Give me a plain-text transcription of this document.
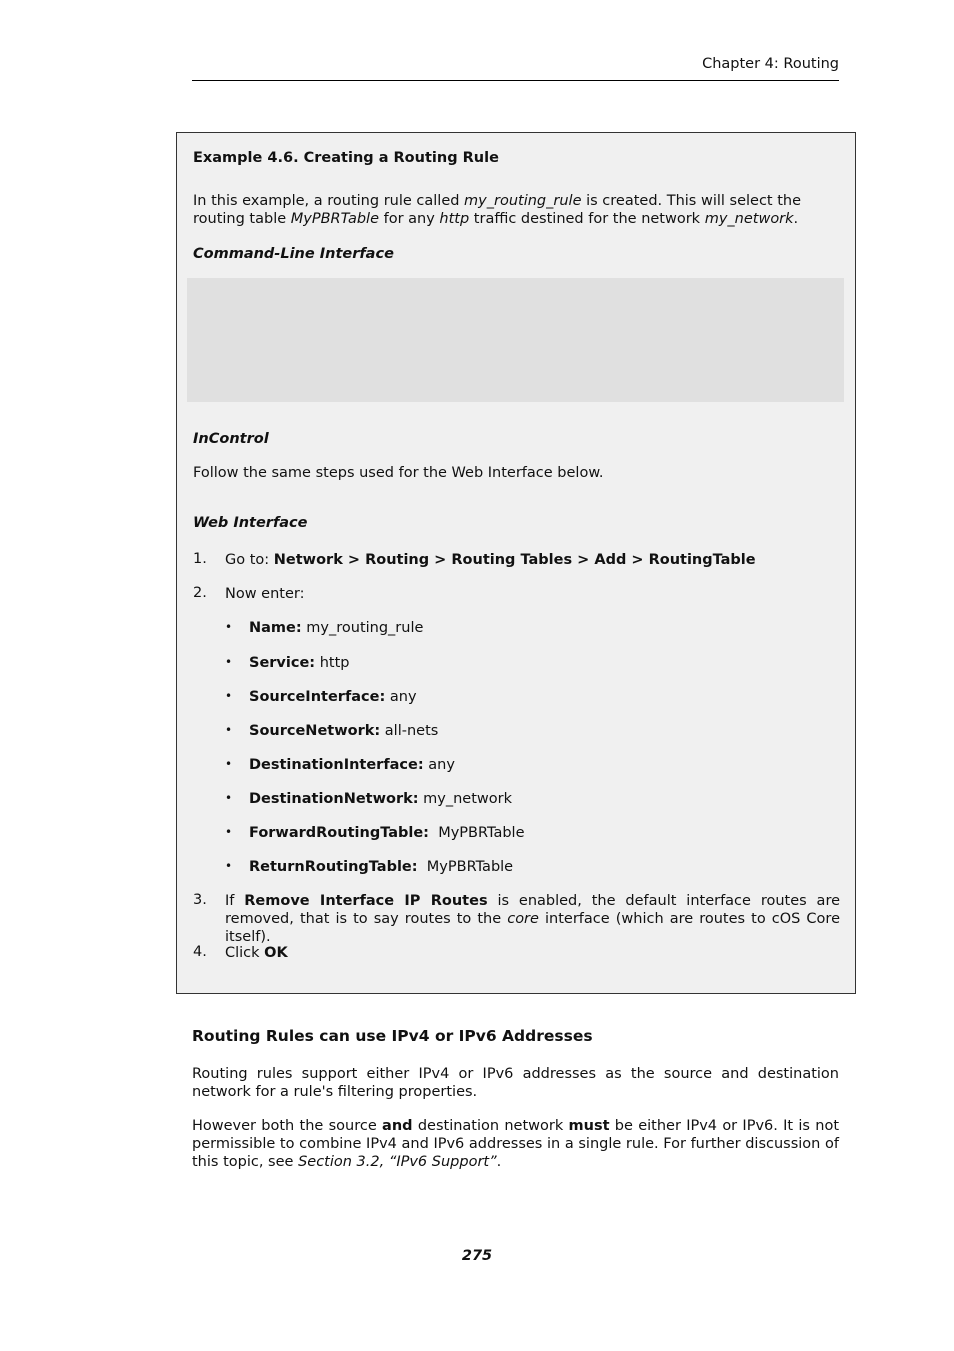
Chapter 4: Routing
Example 4.6. Creating a Routing Rule
In this example, a routing rule called my_routing_rule is created. This will select the routing table MyPBRTable for any http traffic destined for the network my_network.
Command-Line Interface
InControl
Follow the same steps used for the Web Interface below.
Web Interface
1.	Go to: Network > Routing > Routing Tables > Add > RoutingTable
2.	Now enter:
• Name: my_routing_rule
• Service: http
• SourceInterface: any
• SourceNetwork: all-nets
• DestinationInterface: any
• DestinationNetwork: my_network
• ForwardRoutingTable:  MyPBRTable
• ReturnRoutingTable:  MyPBRTable
3.	If Remove Interface IP Routes is enabled, the default interface routes are removed, that is to say routes to the core interface (which are routes to cOS Core itself).
4.	Click OK
Routing Rules can use IPv4 or IPv6 Addresses
Routing rules support either IPv4 or IPv6 addresses as the source and destination network for a rule's filtering properties.
However both the source and destination network must be either IPv4 or IPv6. It is not permissible to combine IPv4 and IPv6 addresses in a single rule. For further discussion of this topic, see Section 3.2, “IPv6 Support”.
275
